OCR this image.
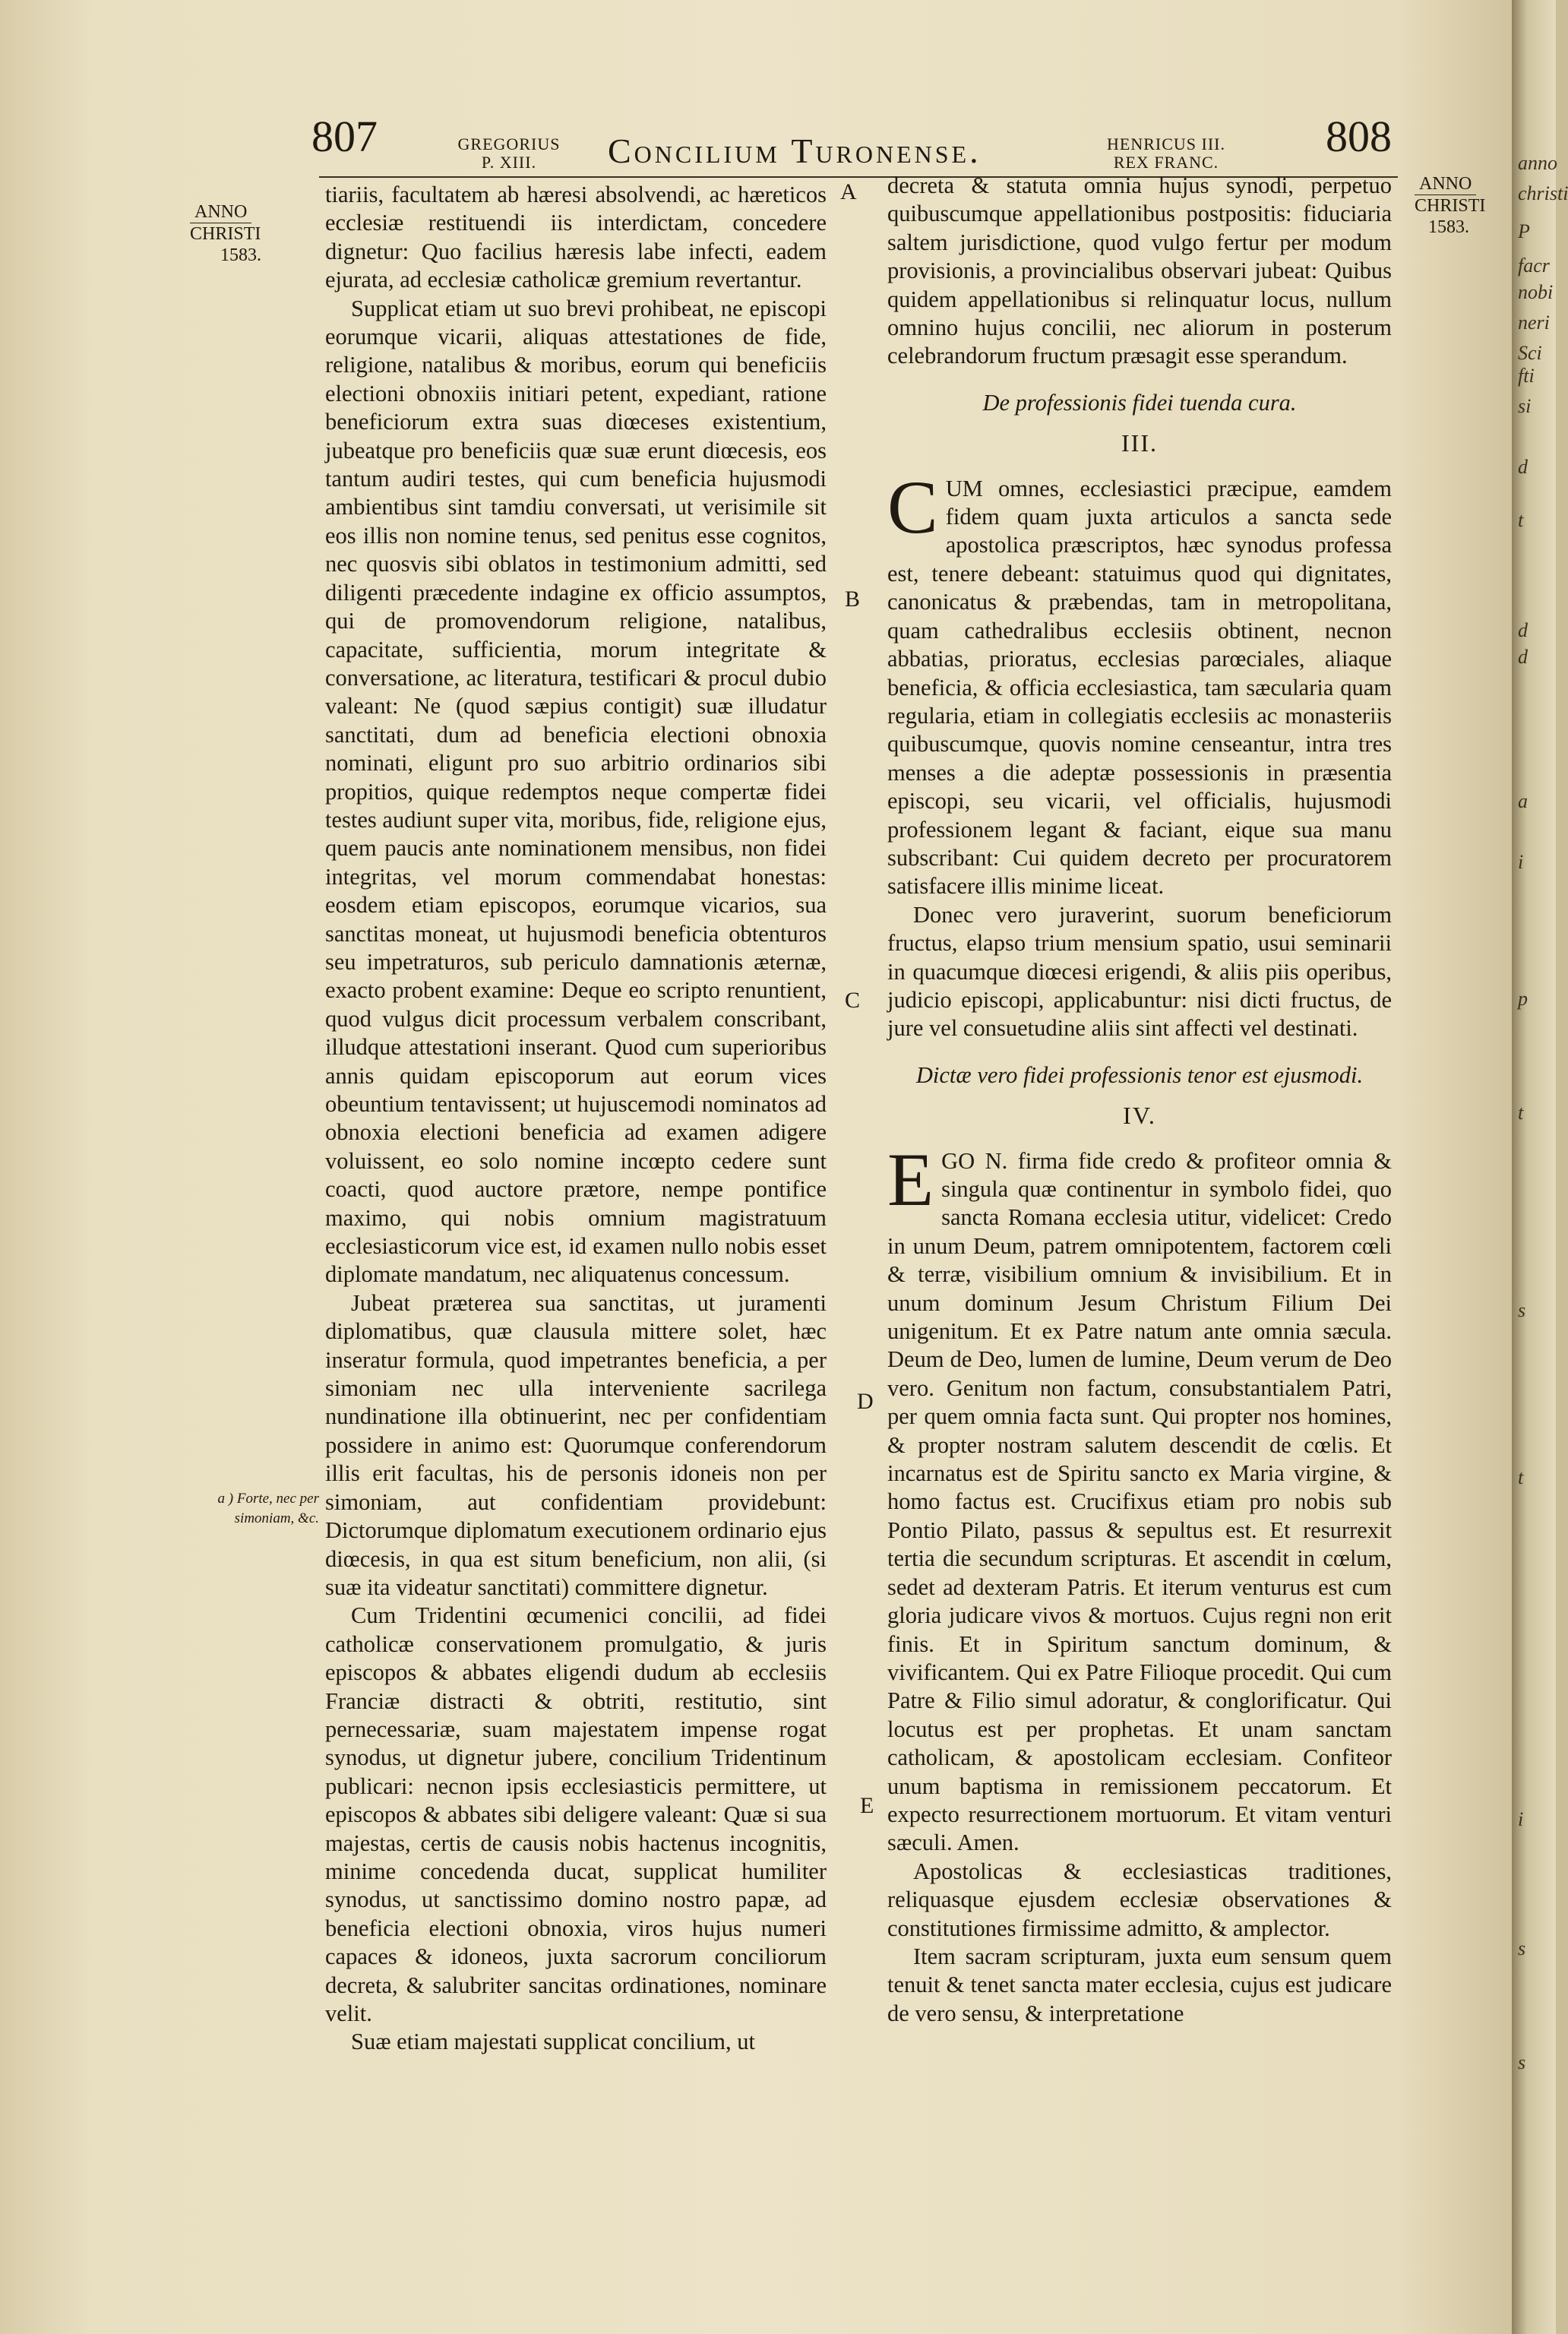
807	GREGORIUS
P. XIII.	Concilium Turonense.	HENRICUS III.
REX FRANC.
808
ANNO
CHRISTI
1583.
ANNO
CHRISTI
1583.
A
B
C
D
E
a ) Forte, nec per simoniam, &c.

tiariis, facultatem ab hæresi absolvendi, ac hæreticos ecclesiæ restituendi iis interdictam, concedere dignetur: Quo facilius hæresis labe infecti, eadem ejurata, ad ecclesiæ catholicæ gremium revertantur.

Supplicat etiam ut suo brevi prohibeat, ne episcopi eorumque vicarii, aliquas attestationes de fide, religione, natalibus & moribus, eorum qui beneficiis electioni obnoxiis initiari petent, expediant, ratione beneficiorum extra suas diœceses existentium, jubeatque pro beneficiis quæ suæ erunt diœcesis, eos tantum audiri testes, qui cum beneficia hujusmodi ambientibus sint tamdiu conversati, ut verisimile sit eos illis non nomine tenus, sed penitus esse cognitos, nec quosvis sibi oblatos in testimonium admitti, sed diligenti præcedente indagine ex officio assumptos, qui de promovendorum religione, natalibus, capacitate, sufficientia, morum integritate & conversatione, ac literatura, testificari & procul dubio valeant: Ne (quod sæpius contigit) suæ illudatur sanctitati, dum ad beneficia electioni obnoxia nominati, eligunt pro suo arbitrio ordinarios sibi propitios, quique redemptos neque compertæ fidei testes audiunt super vita, moribus, fide, religione ejus, quem paucis ante nominationem mensibus, non fidei integritas, vel morum commendabat honestas: eosdem etiam episcopos, eorumque vicarios, sua sanctitas moneat, ut hujusmodi beneficia obtenturos seu impetraturos, sub periculo damnationis æternæ, exacto probent examine: Deque eo scripto renuntient, quod vulgus dicit processum verbalem conscribant, illudque attestationi inserant. Quod cum superioribus annis quidam episcoporum aut eorum vices obeuntium tentavissent; ut hujuscemodi nominatos ad obnoxia electioni beneficia ad examen adigere voluissent, eo solo nomine incœpto cedere sunt coacti, quod auctore prætore, nempe pontifice maximo, qui nobis omnium magistratuum ecclesiasticorum vice est, id examen nullo nobis esset diplomate mandatum, nec aliquatenus concessum.

Jubeat præterea sua sanctitas, ut juramenti diplomatibus, quæ clausula mittere solet, hæc inseratur formula, quod impetrantes beneficia, a per simoniam nec ulla interveniente sacrilega nundinatione illa obtinuerint, nec per confidentiam possidere in animo est: Quorumque conferendorum illis erit facultas, his de personis idoneis non per simoniam, aut confidentiam providebunt: Dictorumque diplomatum executionem ordinario ejus diœcesis, in qua est situm beneficium, non alii, (si suæ ita videatur sanctitati) committere dignetur.

Cum Tridentini œcumenici concilii, ad fidei catholicæ conservationem promulgatio, & juris episcopos & abbates eligendi dudum ab ecclesiis Franciæ distracti & obtriti, restitutio, sint pernecessariæ, suam majestatem impense rogat synodus, ut dignetur jubere, concilium Tridentinum publicari: necnon ipsis ecclesiasticis permittere, ut episcopos & abbates sibi deligere valeant: Quæ si sua majestas, certis de causis nobis hactenus incognitis, minime concedenda ducat, supplicat humiliter synodus, ut sanctissimo domino nostro papæ, ad beneficia electioni obnoxia, viros hujus numeri capaces & idoneos, juxta sacrorum conciliorum decreta, & salubriter sancitas ordinationes, nominare velit.

Suæ etiam majestati supplicat concilium, ut

decreta & statuta omnia hujus synodi, perpetuo quibuscumque appellationibus postpositis: fiduciaria saltem jurisdictione, quod vulgo fertur per modum provisionis, a provincialibus observari jubeat: Quibus quidem appellationibus si relinquatur locus, nullum omnino hujus concilii, nec aliorum in posterum celebrandorum fructum præsagit esse sperandum.

De professionis fidei tuenda cura.

III.

CUM omnes, ecclesiastici præcipue, eamdem fidem quam juxta articulos a sancta sede apostolica præscriptos, hæc synodus professa est, tenere debeant: statuimus quod qui dignitates, canonicatus & præbendas, tam in metropolitana, quam cathedralibus ecclesiis obtinent, necnon abbatias, prioratus, ecclesias parœciales, aliaque beneficia, & officia ecclesiastica, tam sæcularia quam regularia, etiam in collegiatis ecclesiis ac monasteriis quibuscumque, quovis nomine censeantur, intra tres menses a die adeptæ possessionis in præsentia episcopi, seu vicarii, vel officialis, hujusmodi professionem legant & faciant, eique sua manu subscribant: Cui quidem decreto per procuratorem satisfacere illis minime liceat.

Donec vero juraverint, suorum beneficiorum fructus, elapso trium mensium spatio, usui seminarii in quacumque diœcesi erigendi, & aliis piis operibus, judicio episcopi, applicabuntur: nisi dicti fructus, de jure vel consuetudine aliis sint affecti vel destinati.

Dictæ vero fidei professionis tenor est ejusmodi.

IV.

EGO N. firma fide credo & profiteor omnia & singula quæ continentur in symbolo fidei, quo sancta Romana ecclesia utitur, videlicet: Credo in unum Deum, patrem omnipotentem, factorem cœli & terræ, visibilium omnium & invisibilium. Et in unum dominum Jesum Christum Filium Dei unigenitum. Et ex Patre natum ante omnia sæcula. Deum de Deo, lumen de lumine, Deum verum de Deo vero. Genitum non factum, consubstantialem Patri, per quem omnia facta sunt. Qui propter nos homines, & propter nostram salutem descendit de cœlis. Et incarnatus est de Spiritu sancto ex Maria virgine, & homo factus est. Crucifixus etiam pro nobis sub Pontio Pilato, passus & sepultus est. Et resurrexit tertia die secundum scripturas. Et ascendit in cœlum, sedet ad dexteram Patris. Et iterum venturus est cum gloria judicare vivos & mortuos. Cujus regni non erit finis. Et in Spiritum sanctum dominum, & vivificantem. Qui ex Patre Filioque procedit. Qui cum Patre & Filio simul adoratur, & conglorificatur. Qui locutus est per prophetas. Et unam sanctam catholicam, & apostolicam ecclesiam. Confiteor unum baptisma in remissionem peccatorum. Et expecto resurrectionem mortuorum. Et vitam venturi sæculi. Amen.

Apostolicas & ecclesiasticas traditiones, reliquasque ejusdem ecclesiæ observationes & constitutiones firmissime admitto, & amplector.

Item sacram scripturam, juxta eum sensum quem tenuit & tenet sancta mater ecclesia, cujus est judicare de vero sensu, & interpretatione

anno
christi
P
facr
nobi
neri
Sci
fti
si
d
t
d
d
a
i
p
t
s
t
i
s
s
